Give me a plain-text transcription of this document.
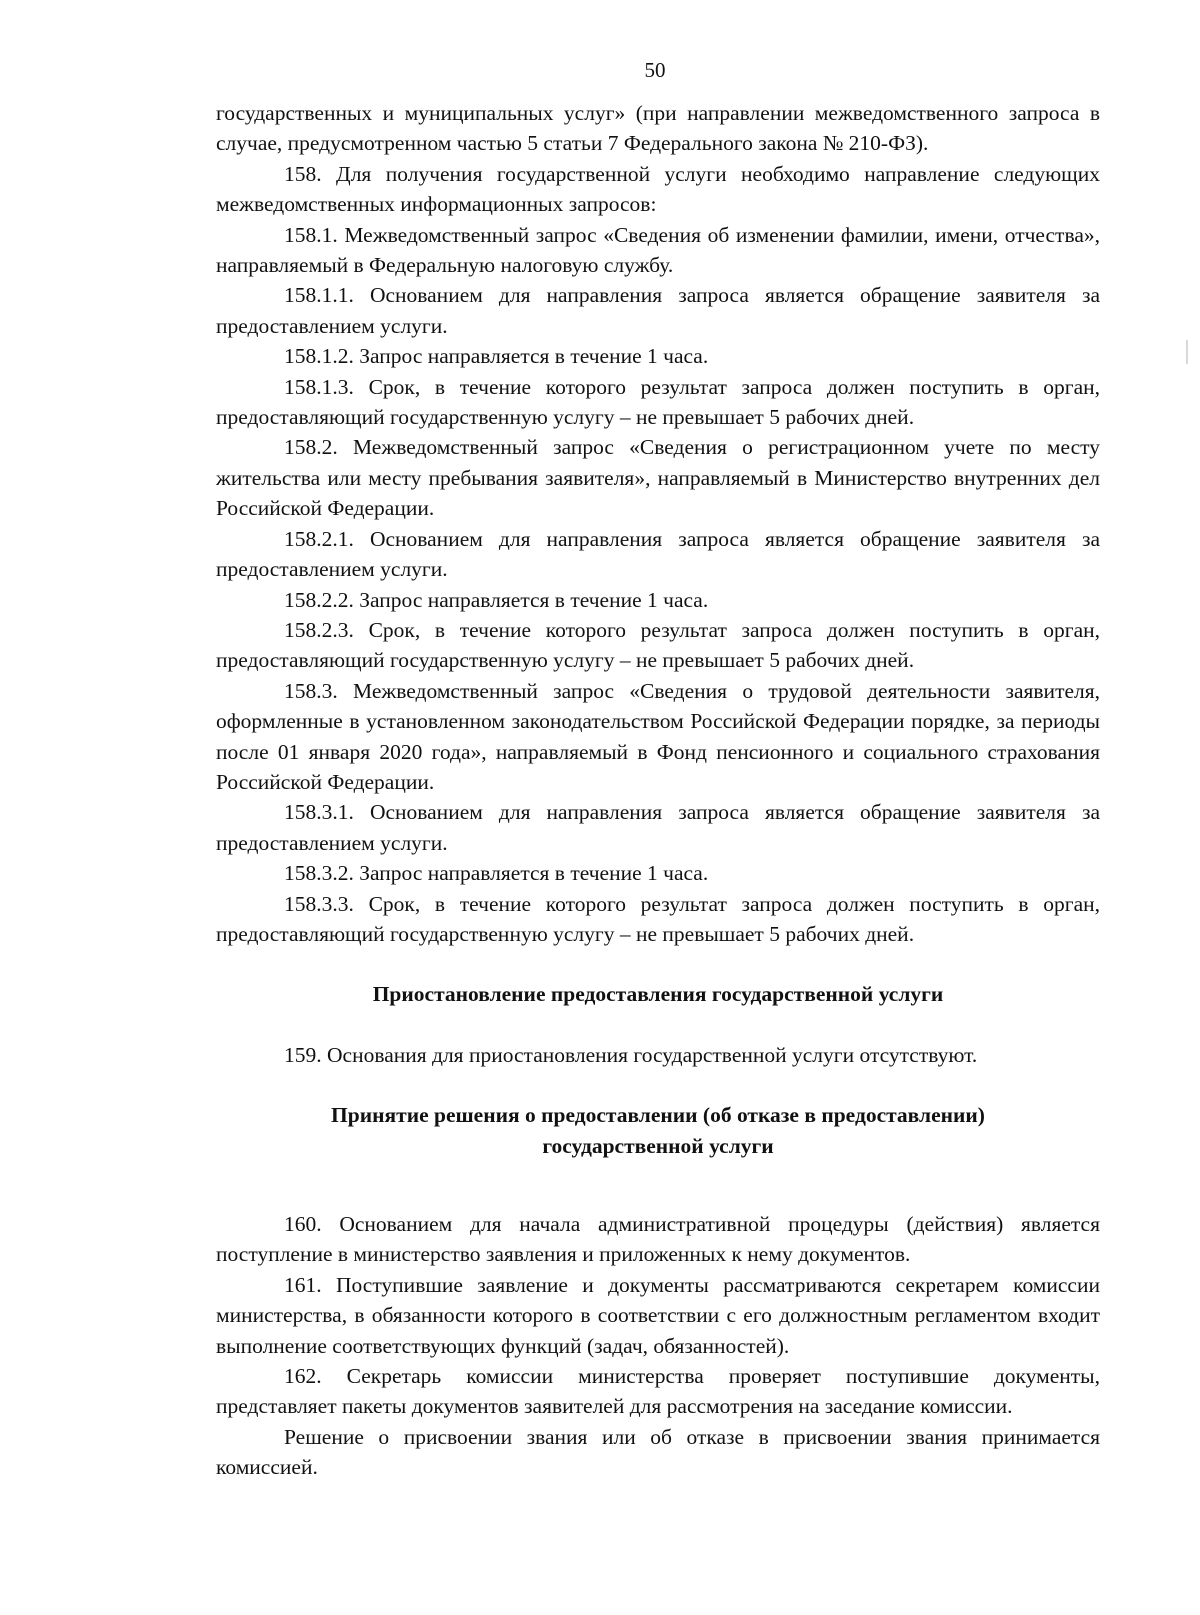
50

государственных и муниципальных услуг» (при направлении межведомственного запроса в случае, предусмотренном частью 5 статьи 7 Федерального закона № 210-ФЗ).

158. Для получения государственной услуги необходимо направление следующих межведомственных информационных запросов:

158.1. Межведомственный запрос «Сведения об изменении фамилии, имени, отчества», направляемый в Федеральную налоговую службу.

158.1.1. Основанием для направления запроса является обращение заявителя за предоставлением услуги.

158.1.2. Запрос направляется в течение 1 часа.

158.1.3. Срок, в течение которого результат запроса должен поступить в орган, предоставляющий государственную услугу – не превышает 5 рабочих дней.

158.2. Межведомственный запрос «Сведения о регистрационном учете по месту жительства или месту пребывания заявителя», направляемый в Министерство внутренних дел Российской Федерации.

158.2.1. Основанием для направления запроса является обращение заявителя за предоставлением услуги.

158.2.2. Запрос направляется в течение 1 часа.

158.2.3. Срок, в течение которого результат запроса должен поступить в орган, предоставляющий государственную услугу – не превышает 5 рабочих дней.

158.3. Межведомственный запрос «Сведения о трудовой деятельности заявителя, оформленные в установленном законодательством Российской Федерации порядке, за периоды после 01 января 2020 года», направляемый в Фонд пенсионного и социального страхования Российской Федерации.

158.3.1. Основанием для направления запроса является обращение заявителя за предоставлением услуги.

158.3.2. Запрос направляется в течение 1 часа.

158.3.3. Срок, в течение которого результат запроса должен поступить в орган, предоставляющий государственную услугу – не превышает 5 рабочих дней.

Приостановление предоставления государственной услуги

159. Основания для приостановления государственной услуги отсутствуют.

Принятие решения о предоставлении (об отказе в предоставлении)

государственной услуги

160. Основанием для начала административной процедуры (действия) является поступление в министерство заявления и приложенных к нему документов.

161. Поступившие заявление и документы рассматриваются секретарем комиссии министерства, в обязанности которого в соответствии с его должностным регламентом входит выполнение соответствующих функций (задач, обязанностей).

162. Секретарь комиссии министерства проверяет поступившие документы, представляет пакеты документов заявителей для рассмотрения на заседание комиссии.

Решение о присвоении звания или об отказе в присвоении звания принимается комиссией.
